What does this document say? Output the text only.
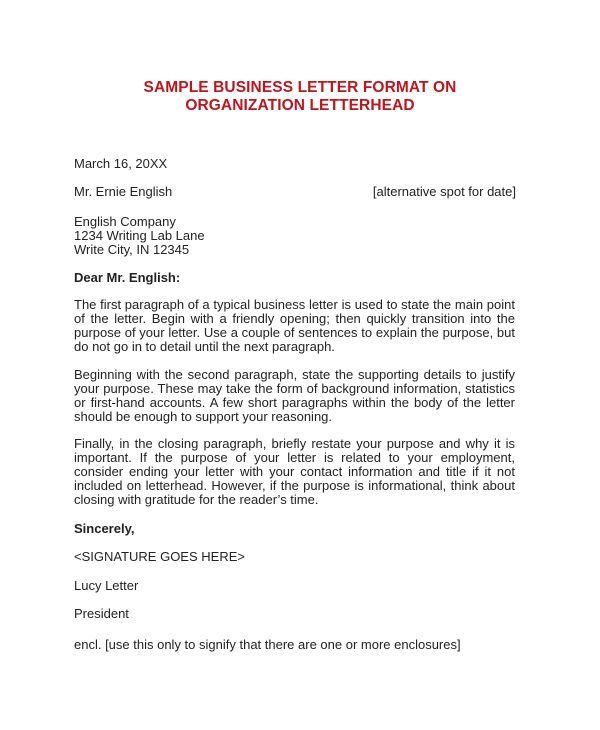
SAMPLE BUSINESS LETTER FORMAT ON
ORGANIZATION LETTERHEAD
March 16, 20XX
Mr. Ernie English	[alternative spot for date]
English Company
1234 Writing Lab Lane
Write City, IN 12345
Dear Mr. English:
The first paragraph of a typical business letter is used to state the main point
of the letter. Begin with a friendly opening; then quickly transition into the
purpose of your letter. Use a couple of sentences to explain the purpose, but
do not go in to detail until the next paragraph.
Beginning with the second paragraph, state the supporting details to justify
your purpose. These may take the form of background information, statistics
or first-hand accounts. A few short paragraphs within the body of the letter
should be enough to support your reasoning.
Finally, in the closing paragraph, briefly restate your purpose and why it is
important. If the purpose of your letter is related to your employment,
consider ending your letter with your contact information and title if it not
included on letterhead. However, if the purpose is informational, think about
closing with gratitude for the reader’s time.
Sincerely,
<SIGNATURE GOES HERE>
Lucy Letter
President
encl. [use this only to signify that there are one or more enclosures]
